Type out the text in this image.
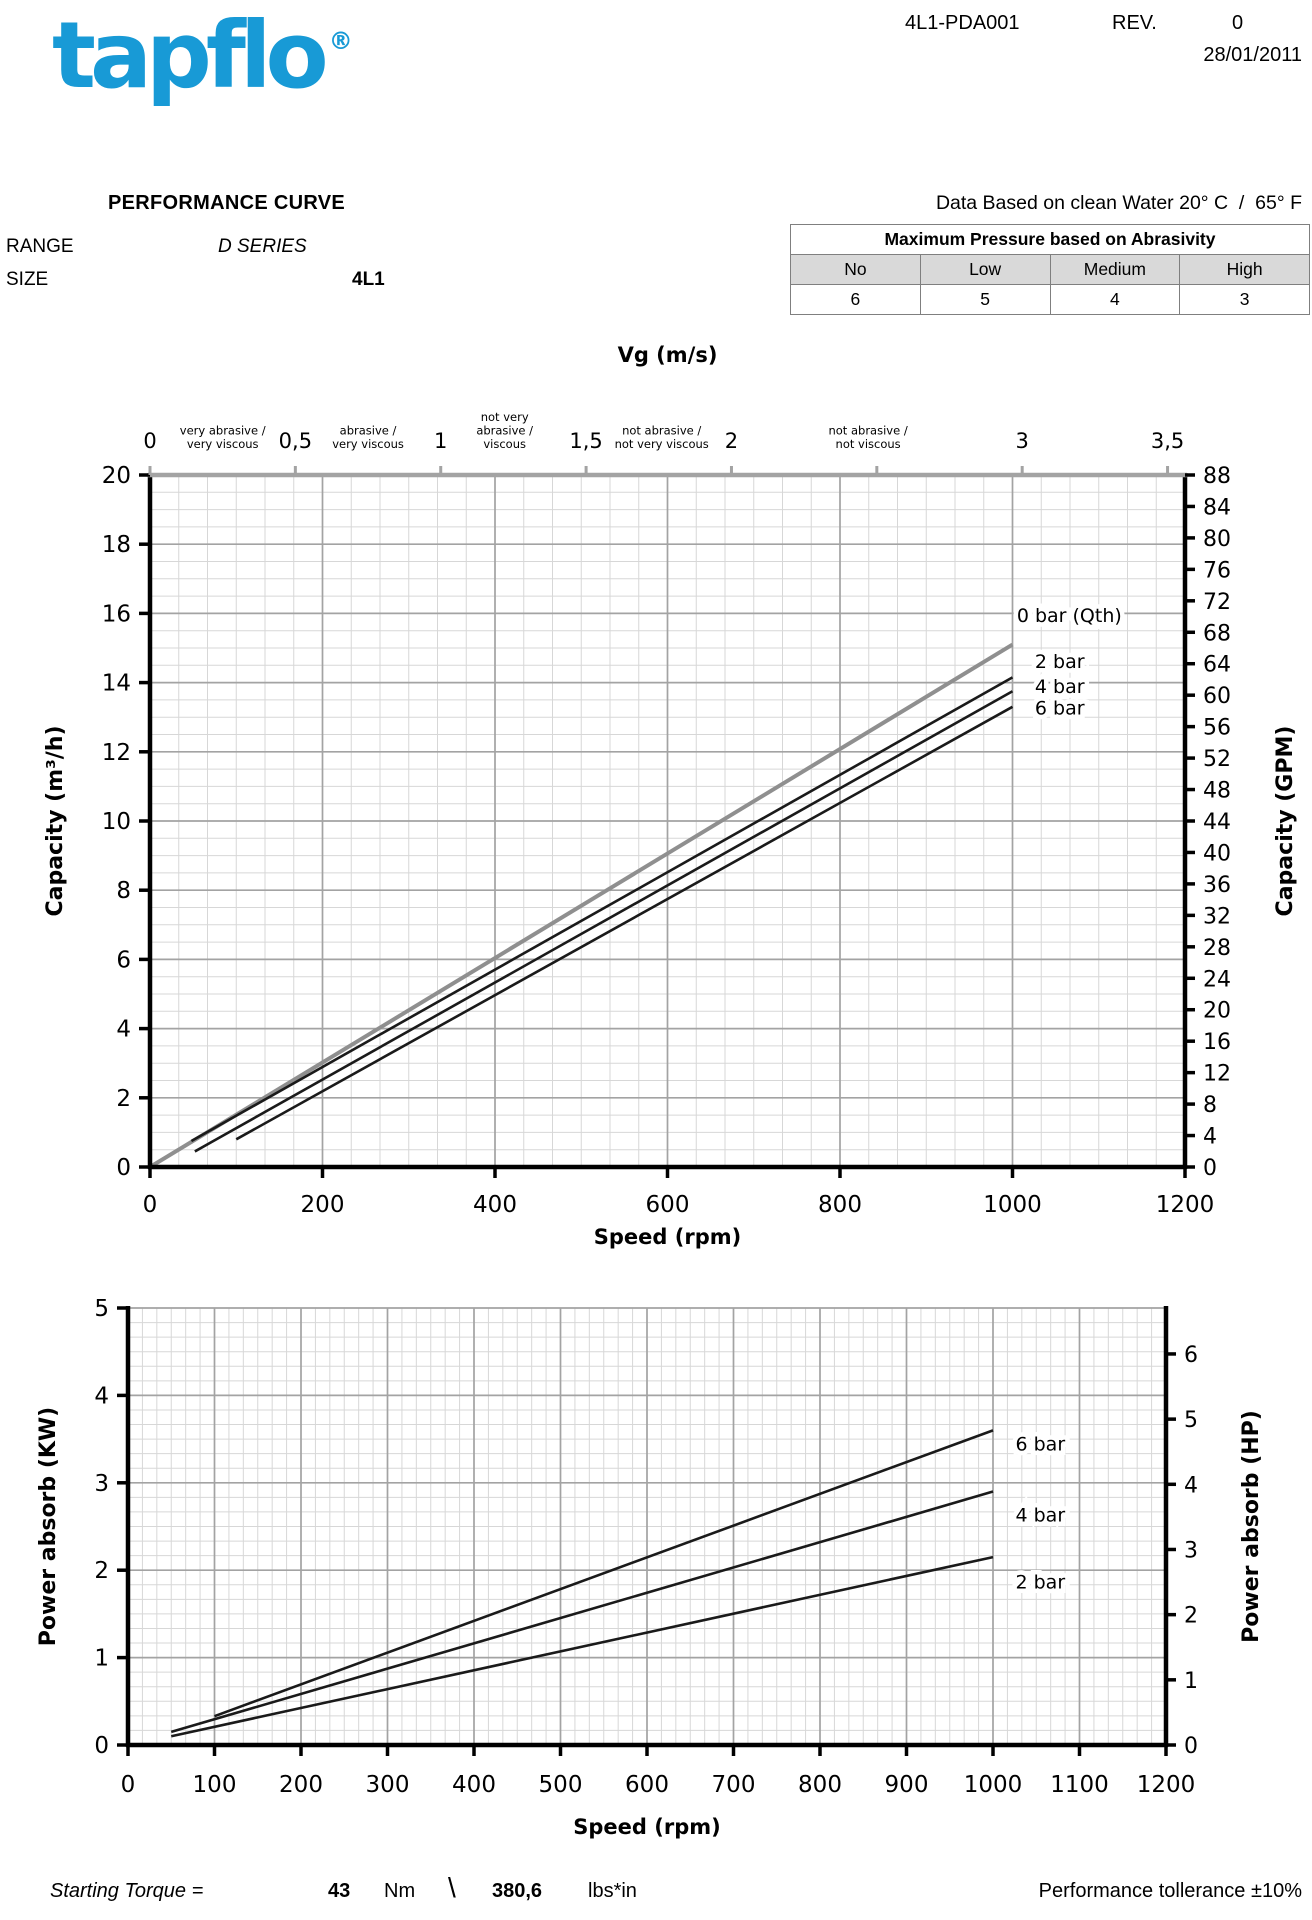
tapflo ®
4L1-PDA001	REV.	0
28/01/2011
PERFORMANCE CURVE	Data Based on clean Water 20° C  /  65° F
RANGE	D SERIES
SIZE	4L1
Maximum Pressure based on Abrasivity			
No	Low	Medium	High
6	5	4	3
0	200	400	600	800	1000	1200
0
2
4
6
8
10
12
14
16
18
20
0
4
8
12
16
20
24
28
32
36
40
44
48
52
56
60
64
68
72
76
80
84
88
0 bar (Qth)
2 bar
4 bar
6 bar
Speed (rpm)
Capacity (m³/h)	Capacity (GPM)
Vg (m/s)
0	0,5	1	1,5	2	3	3,5
very abrasive /
very viscous
abrasive /
very viscous
not very
abrasive /
viscous
not abrasive /
not very viscous
not abrasive /
not viscous
0 100 200 300 400 500 600 700 800 900 1000 1100 1200
0
1
2
3
4
5
0
1
2
3
4
5
6
6 bar
4 bar
2 bar
Speed (rpm)
Power absorb (KW)	Power absorb (HP)
Starting Torque =	43 Nm \ 380,6 lbs*in	Performance tollerance ±10%
